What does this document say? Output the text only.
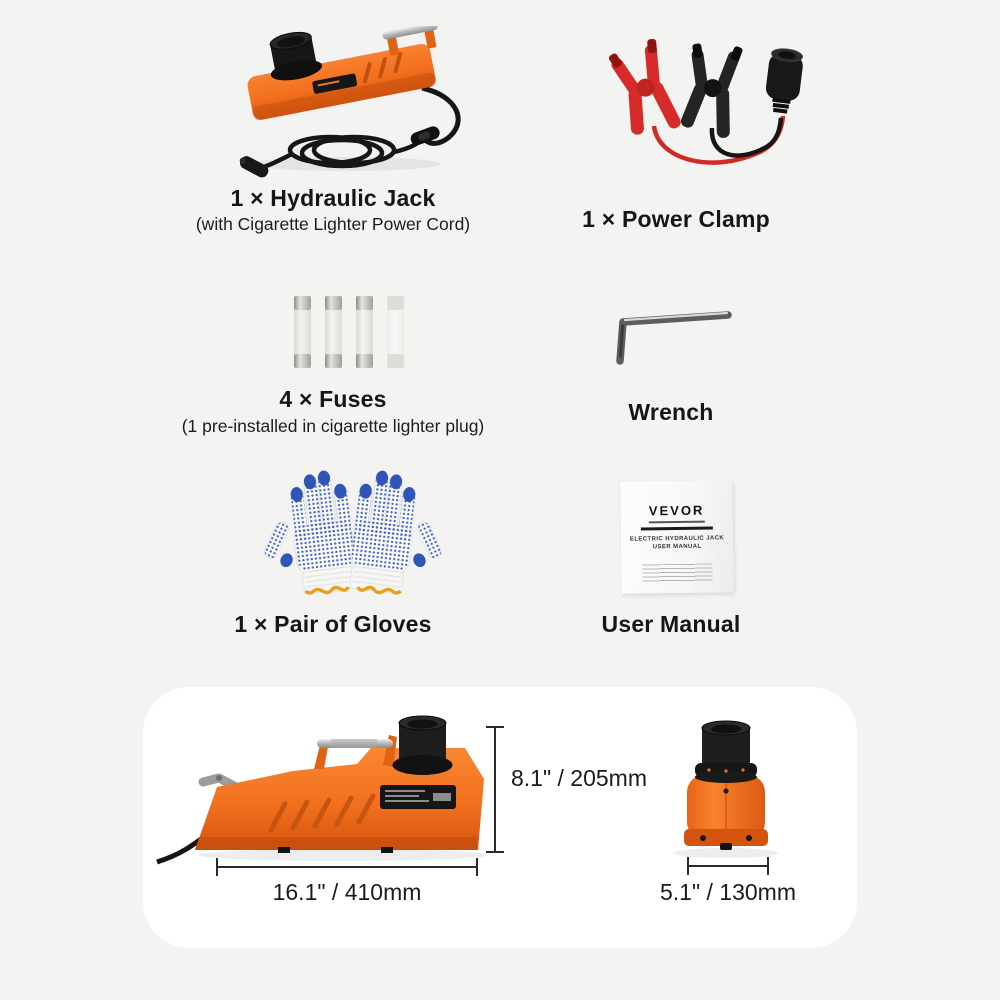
1 × Hydraulic Jack
(with Cigarette Lighter Power Cord)	1 × Power Clamp
4 × Fuses
(1 pre-installed in cigarette lighter plug)
Wrench
1 × Pair of Gloves
VEVOR
ELECTRIC HYDRAULIC JACK
USER MANUAL
User Manual
8.1" / 205mm
16.1" / 410mm	5.1" / 130mm
